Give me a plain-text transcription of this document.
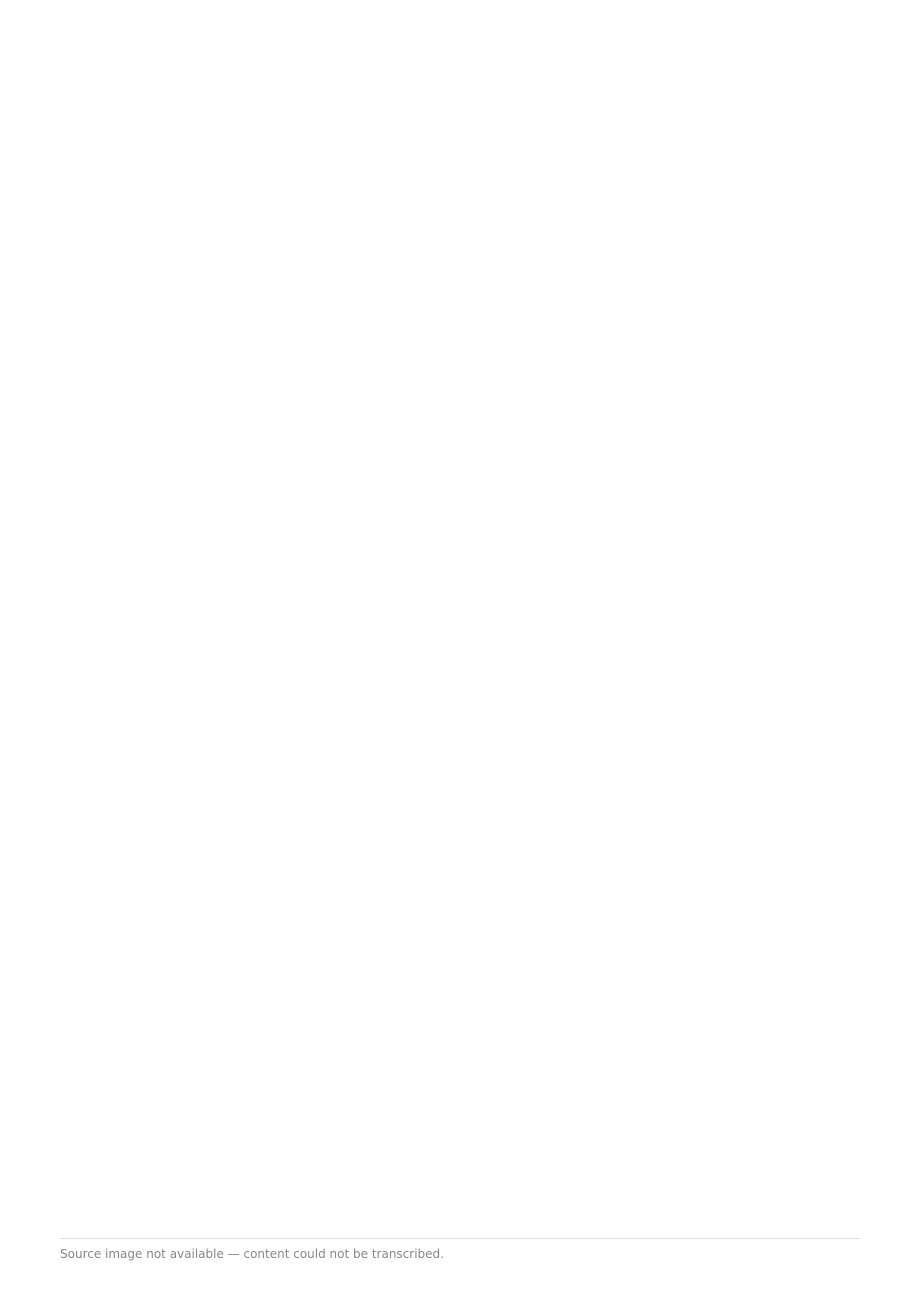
Source image not available — content could not be transcribed.
